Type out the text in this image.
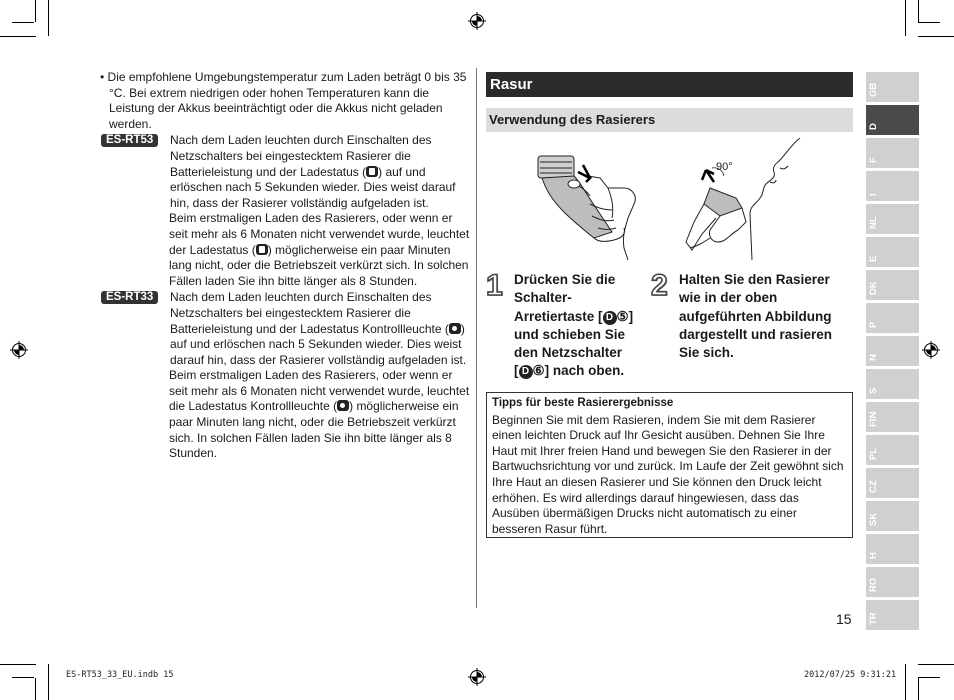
• Die empfohlene Umgebungstemperatur zum Laden beträgt 0 bis 35 °C. Bei extrem niedrigen oder hohen Temperaturen kann die Leistung der Akkus beeinträchtigt oder die Akkus nicht geladen werden.

ES-RT53	Nach dem Laden leuchten durch Einschalten des Netzschalters bei eingestecktem Rasierer die Batterieleistung und der Ladestatus ( ) auf und erlöschen nach 5 Sekunden wieder. Dies weist darauf hin, dass der Rasierer vollständig aufgeladen ist.

Beim erstmaligen Laden des Rasierers, oder wenn er seit mehr als 6 Monaten nicht verwendet wurde, leuchtet der Ladestatus ( ) möglicherweise ein paar Minuten lang nicht, oder die Betriebszeit verkürzt sich. In solchen Fällen laden Sie ihn bitte länger als 8 Stunden.

ES-RT33	Nach dem Laden leuchten durch Einschalten des Netzschalters bei eingestecktem Rasierer die Batterieleistung und der Ladestatus Kontrollleuchte ( ) auf und erlöschen nach 5 Sekunden wieder. Dies weist darauf hin, dass der Rasierer vollständig aufgeladen ist.

Beim erstmaligen Laden des Rasierers, oder wenn er seit mehr als 6 Monaten nicht verwendet wurde, leuchtet die Ladestatus Kontrollleuchte ( ) möglicherweise ein paar Minuten lang nicht, oder die Betriebszeit verkürzt sich. In solchen Fällen laden Sie ihn bitte länger als 8 Stunden.

Rasur
Verwendung des Rasierers
90°
1 Drücken Sie die
Schalter-
Arretiertaste [ D ⑤]
und schieben Sie
den Netzschalter
[ D ⑥] nach oben.
2 Halten Sie den Rasierer
wie in der oben
aufgeführten Abbildung
dargestellt und rasieren
Sie sich.

Tipps für beste Rasierergebnisse

Beginnen Sie mit dem Rasieren, indem Sie mit dem Rasierer einen leichten Druck auf Ihr Gesicht ausüben. Dehnen Sie Ihre Haut mit Ihrer freien Hand und bewegen Sie den Rasierer in der Bartwuchsrichtung vor und zurück. Im Laufe der Zeit gewöhnt sich Ihre Haut an diesen Rasierer und Sie können den Druck leicht erhöhen. Es wird allerdings darauf hingewiesen, dass das Ausüben übermäßigen Drucks nicht automatisch zu einer besseren Rasur führt.

GB
D
F
I
NL
E
DK
P
N
S
FIN
PL
CZ
SK
H
RO
TR
15
ES-RT53_33_EU.indb 15	2012/07/25 9:31:21
